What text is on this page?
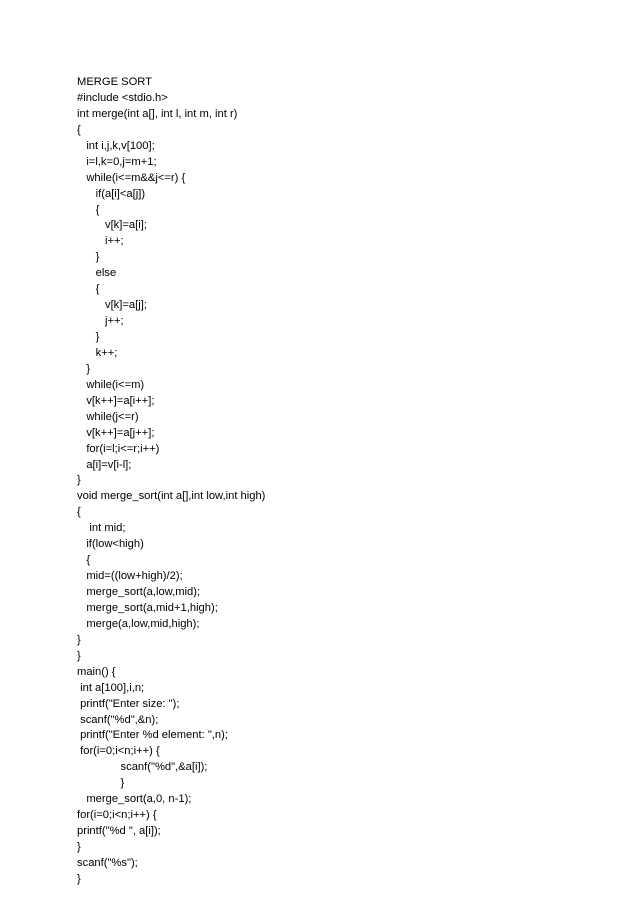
MERGE SORT
#include <stdio.h>
int merge(int a[], int l, int m, int r)
{
int i,j,k,v[100];
i=l,k=0,j=m+1;
while(i<=m&&j<=r) {
if(a[i]<a[j])
{
v[k]=a[i];
i++;
}
else
{
v[k]=a[j];
j++;
}
k++;
}
while(i<=m)
v[k++]=a[i++];
while(j<=r)
v[k++]=a[j++];
for(i=l;i<=r;i++)
a[i]=v[i-l];
}
void merge_sort(int a[],int low,int high)
{
int mid;
if(low<high)
{
mid=((low+high)/2);
merge_sort(a,low,mid);
merge_sort(a,mid+1,high);
merge(a,low,mid,high);
}
}
main() {
int a[100],i,n;
printf("Enter size: ");
scanf("%d",&n);
printf("Enter %d element: ",n);
for(i=0;i<n;i++) {
scanf("%d",&a[i]);
}
merge_sort(a,0, n-1);
for(i=0;i<n;i++) {
printf("%d ", a[i]);
}
scanf("%s");
}
